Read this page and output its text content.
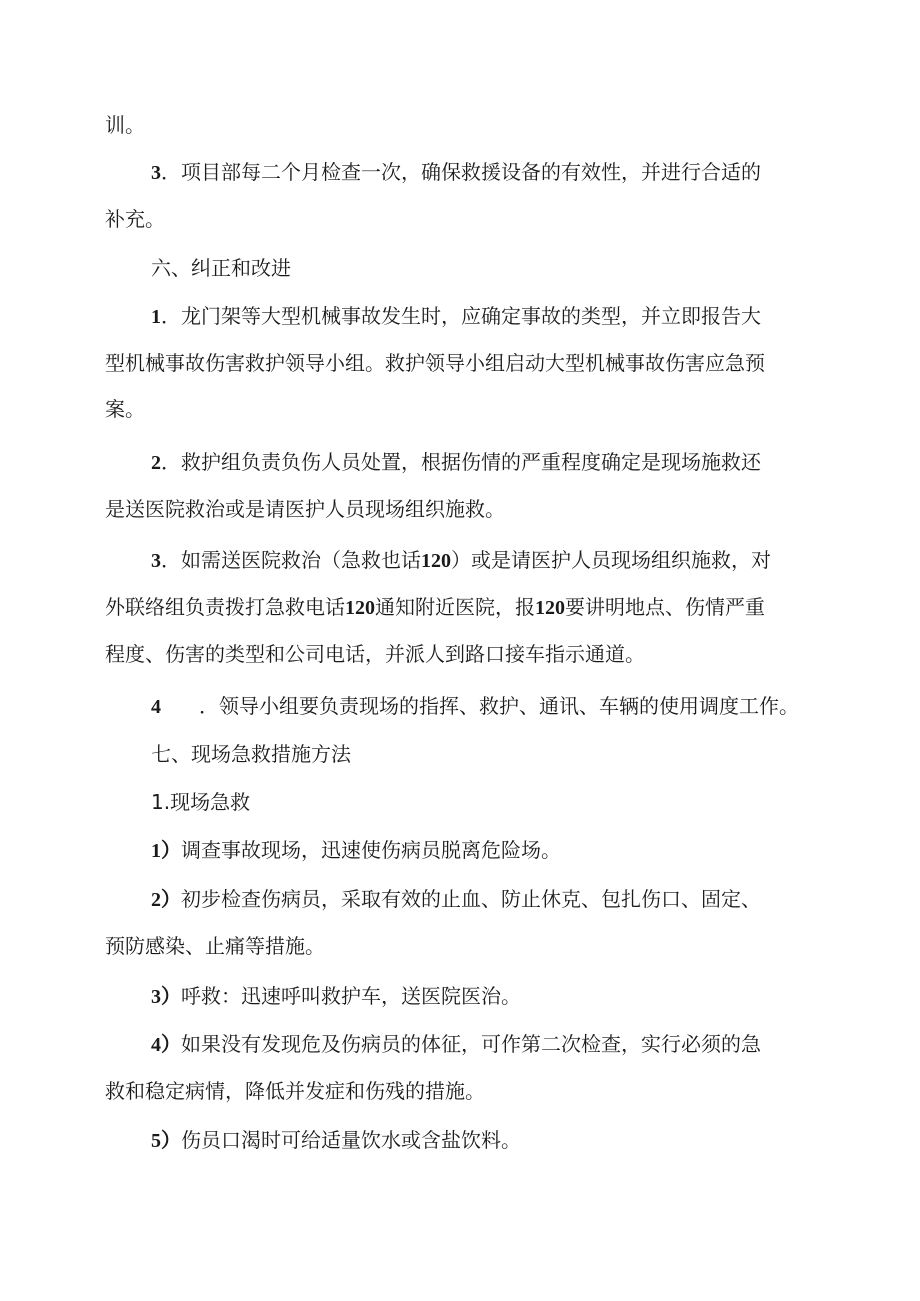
训。

3．项目部每二个月检查一次，确保救援设备的有效性，并进行合适的
补充。

六、纠正和改进

1．龙门架等大型机械事故发生时，应确定事故的类型，并立即报告大
型机械事故伤害救护领导小组。救护领导小组启动大型机械事故伤害应急预
案。

2．救护组负责负伤人员处置，根据伤情的严重程度确定是现场施救还
是送医院救治或是请医护人员现场组织施救。

3．如需送医院救治（急救也话120）或是请医护人员现场组织施救，对
外联络组负责拨打急救电话120通知附近医院，报120要讲明地点、伤情严重
程度、伤害的类型和公司电话，并派人到路口接车指示通道。

4 ．领导小组要负责现场的指挥、救护、通讯、车辆的使用调度工作。

七、现场急救措施方法

1.现场急救

1）调查事故现场，迅速使伤病员脱离危险场。

2）初步检查伤病员，采取有效的止血、防止休克、包扎伤口、固定、
预防感染、止痛等措施。

3）呼救：迅速呼叫救护车，送医院医治。

4）如果没有发现危及伤病员的体征，可作第二次检查，实行必须的急
救和稳定病情，降低并发症和伤残的措施。

5）伤员口渴时可给适量饮水或含盐饮料。
